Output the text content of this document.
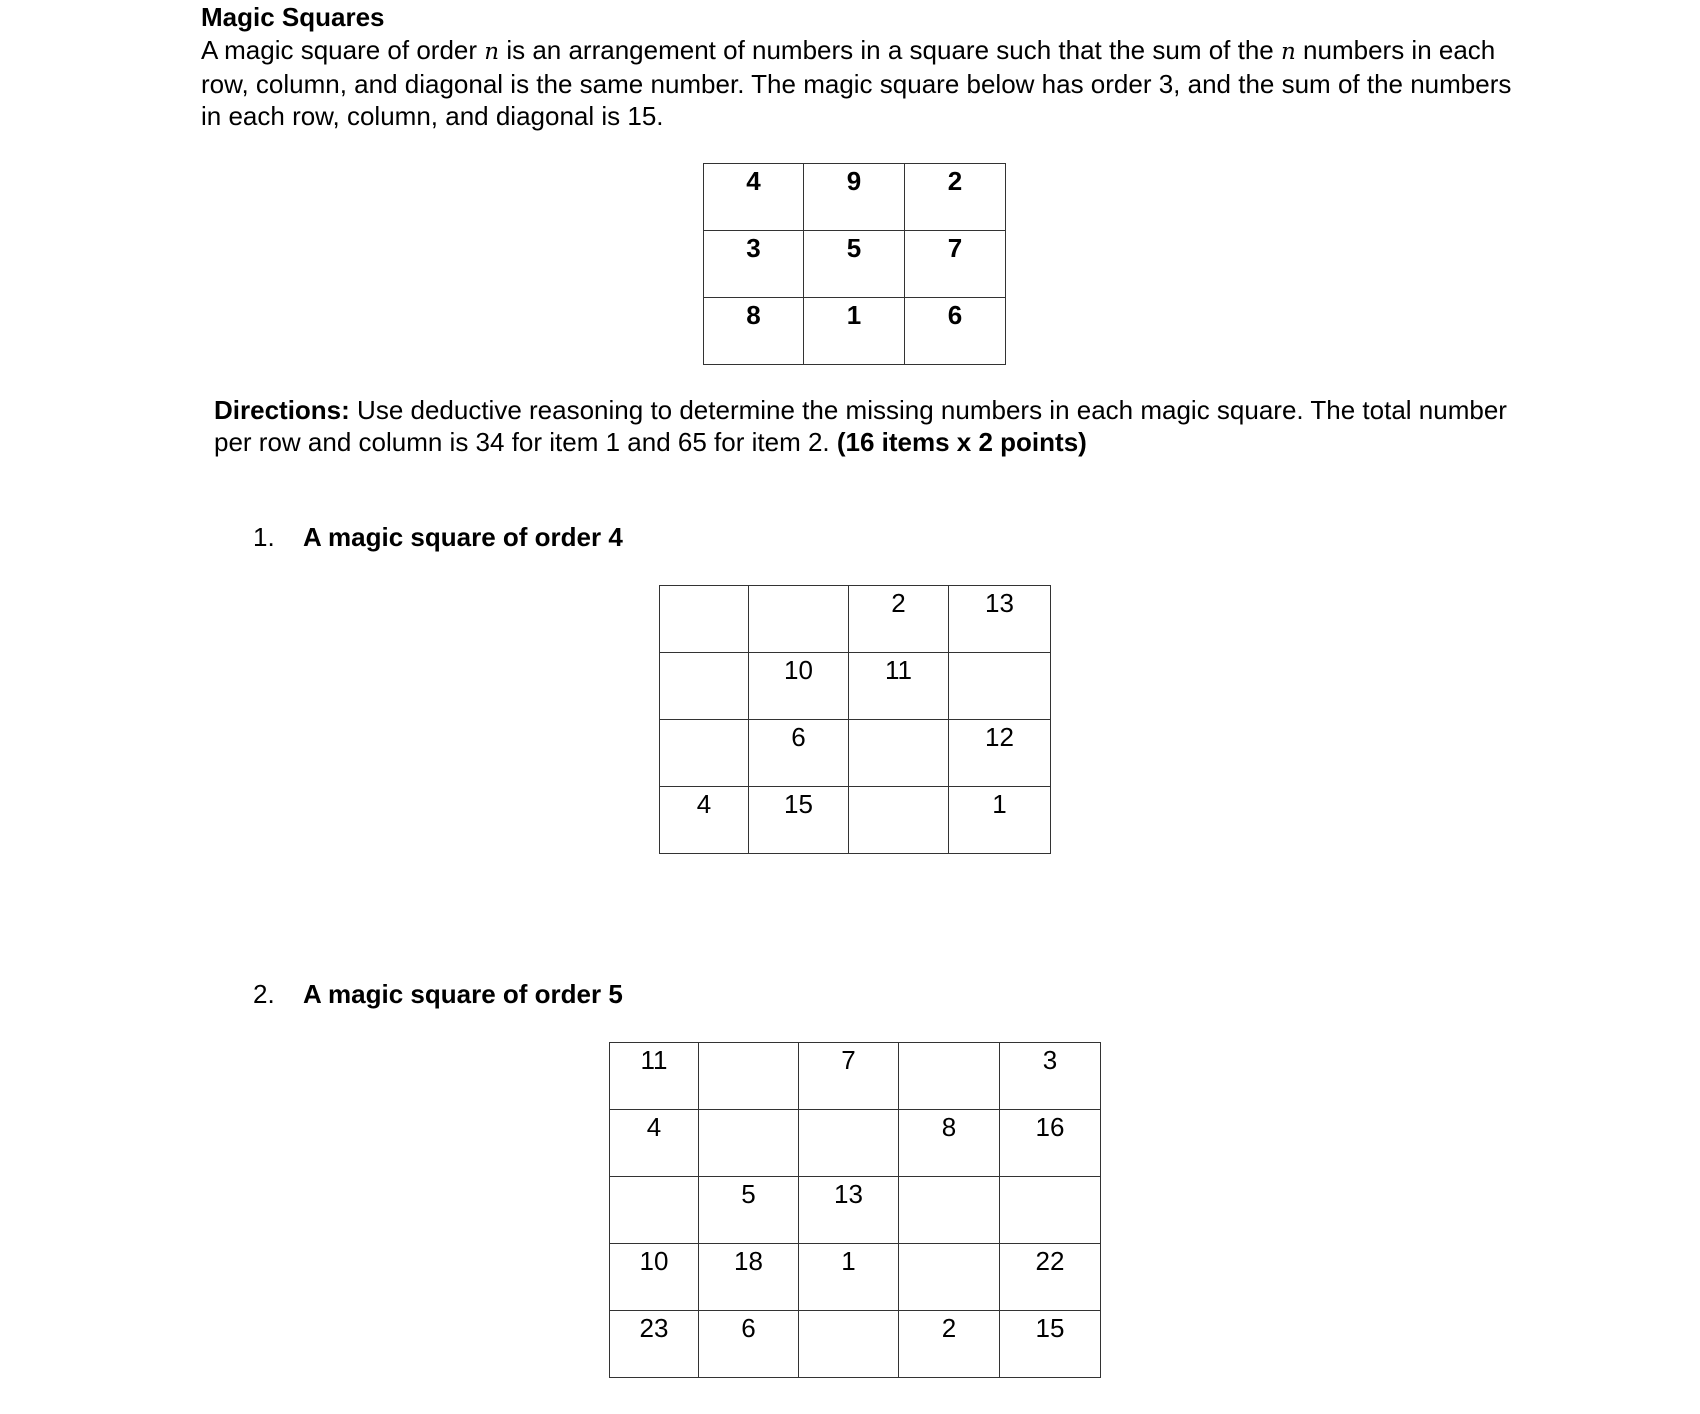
Magic Squares
A magic square of order n is an arrangement of numbers in a square such that the sum of the n numbers in each row, column, and diagonal is the same number. The magic square below has order 3, and the sum of the numbers in each row, column, and diagonal is 15.
4	9	2
3	5	7
8	1	6
Directions: Use deductive reasoning to determine the missing numbers in each magic square. The total number per row and column is 34 for item 1 and 65 for item 2. (16 items x 2 points)
1. A magic square of order 4
		2	13
	10	11	
	6		12
4	15		1
2. A magic square of order 5
11		7		3
4			8	16
	5	13		
10	18	1		22
23	6		2	15
